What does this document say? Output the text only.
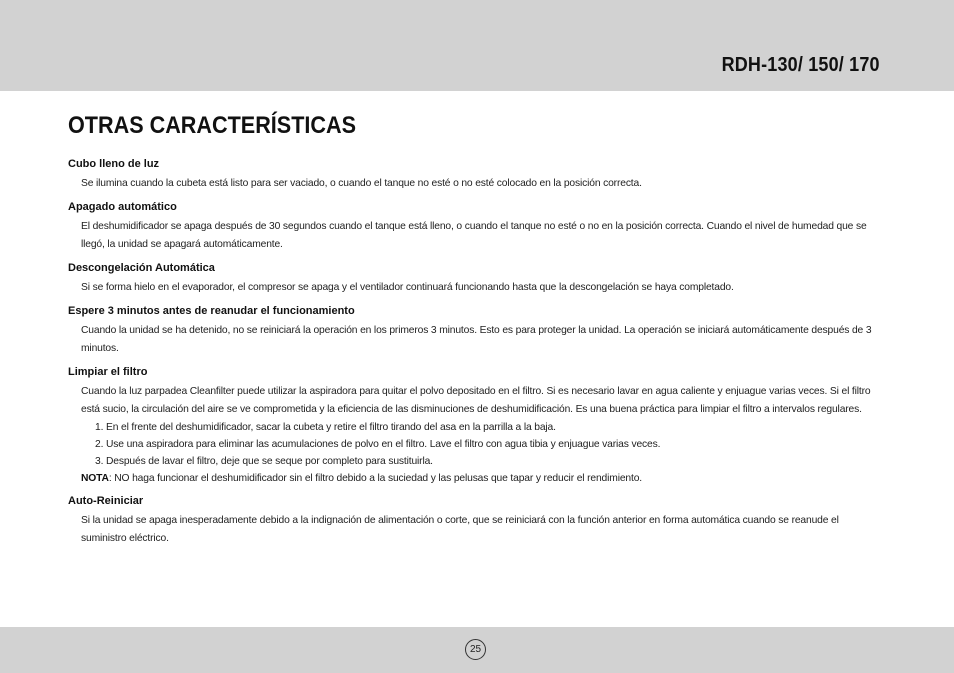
RDH-130/ 150/ 170
OTRAS CARACTERÍSTICAS
Cubo lleno de luz
Se ilumina cuando la cubeta está listo para ser vaciado, o cuando el tanque no esté o no esté colocado en la posición correcta.
Apagado automático
El deshumidificador se apaga después de 30 segundos cuando el tanque está lleno, o cuando el tanque no esté o no en la posición correcta. Cuando el nivel de humedad que se llegó, la unidad se apagará automáticamente.
Descongelación Automática
Si se forma hielo en el evaporador, el compresor se apaga y el ventilador continuará funcionando hasta que la descongelación se haya completado.
Espere 3 minutos antes de reanudar el funcionamiento
Cuando la unidad se ha detenido, no se reiniciará la operación en los primeros 3 minutos. Esto es para proteger la unidad. La operación se iniciará automáticamente después de 3 minutos.
Limpiar el filtro
Cuando la luz parpadea Cleanfilter puede utilizar la aspiradora para quitar el polvo depositado en el filtro. Si es necesario lavar en agua caliente y enjuague varias veces. Si el filtro está sucio, la circulación del aire se ve comprometida y la eficiencia de las disminuciones de deshumidificación. Es una buena práctica para limpiar el filtro a intervalos regulares.
1. En el frente del deshumidificador, sacar la cubeta y retire el filtro tirando del asa en la parrilla a la baja.
2. Use una aspiradora para eliminar las acumulaciones de polvo en el filtro. Lave el filtro con agua tibia y enjuague varias veces.
3. Después de lavar el filtro, deje que se seque por completo para sustituirla.
NOTA: NO haga funcionar el deshumidificador sin el filtro debido a la suciedad y las pelusas que tapar y reducir el rendimiento.
Auto-Reiniciar
Si la unidad se apaga inesperadamente debido a la indignación de alimentación o corte, que se reiniciará con la función anterior en forma automática cuando se reanude el suministro eléctrico.
25
